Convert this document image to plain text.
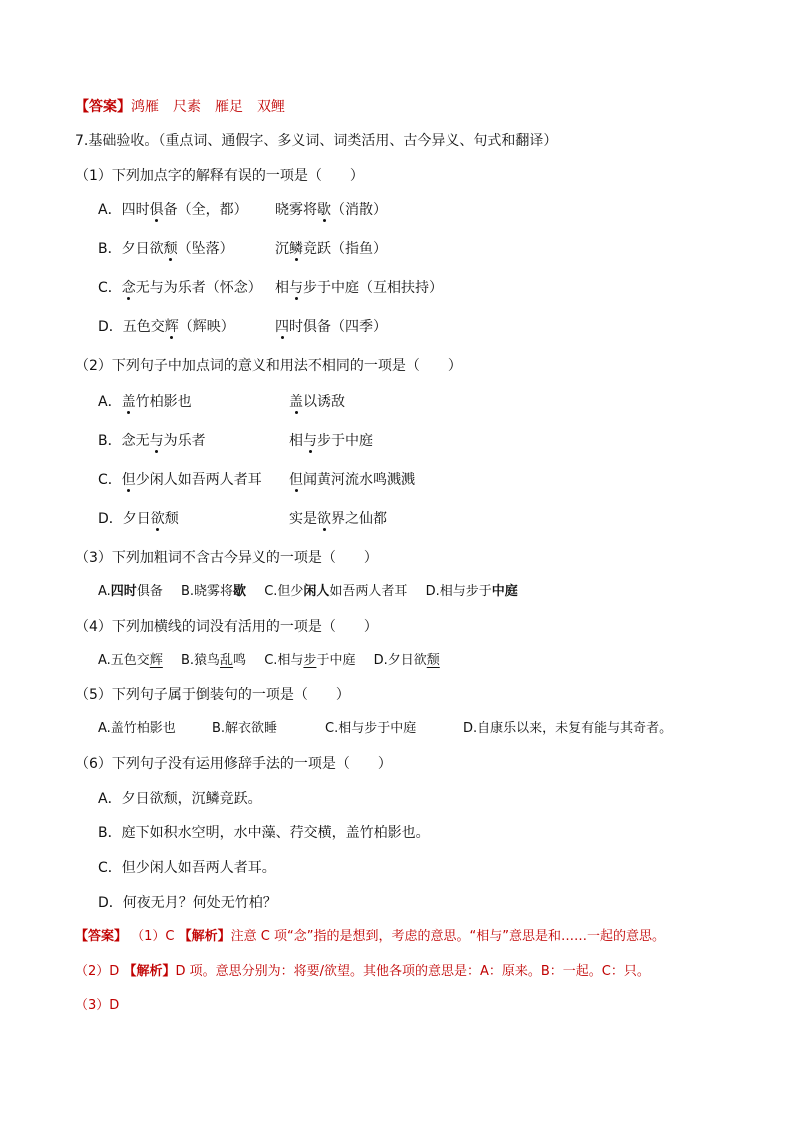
【答案】鸿雁 尺素 雁足 双鲤
7.基础验收。（重点词、通假字、多义词、词类活用、古今异义、句式和翻译）
（1）下列加点字的解释有误的一项是（　　）
A．四时俱备（全，都） 晓雾将歇（消散）
B．夕日欲颓（坠落）	沉鳞竞跃（指鱼）
C．念无与为乐者（怀念） 相与步于中庭（互相扶持）
D．五色交辉（辉映）	四时俱备（四季）
（2）下列句子中加点词的意义和用法不相同的一项是（　　）
A．盖竹柏影也	盖以诱敌
B．念无与为乐者	相与步于中庭
C．但少闲人如吾两人者耳 但闻黄河流水鸣溅溅
D．夕日欲颓	实是欲界之仙都
（3）下列加粗词不含古今异义的一项是（　　）
A.四时俱备 B.晓雾将歇 C.但少闲人如吾两人者耳 D.相与步于中庭
（4）下列加横线的词没有活用的一项是（　　）
A.五色交辉 B.猿鸟乱鸣 C.相与步于中庭 D.夕日欲颓
（5）下列句子属于倒装句的一项是（　　）
A.盖竹柏影也	B.解衣欲睡	C.相与步于中庭	D.自康乐以来，未复有能与其奇者。
（6）下列句子没有运用修辞手法的一项是（　　）
A．夕日欲颓，沉鳞竞跃。
B．庭下如积水空明，水中藻、荇交横，盖竹柏影也。
C．但少闲人如吾两人者耳。
D．何夜无月？何处无竹柏？
【答案】 （1）C 【解析】注意 C 项“念”指的是想到，考虑的意思。“相与”意思是和……一起的意思。
（2）D 【解析】D 项。意思分别为：将要/欲望。其他各项的意思是：A：原来。B：一起。C：只。
（3）D
